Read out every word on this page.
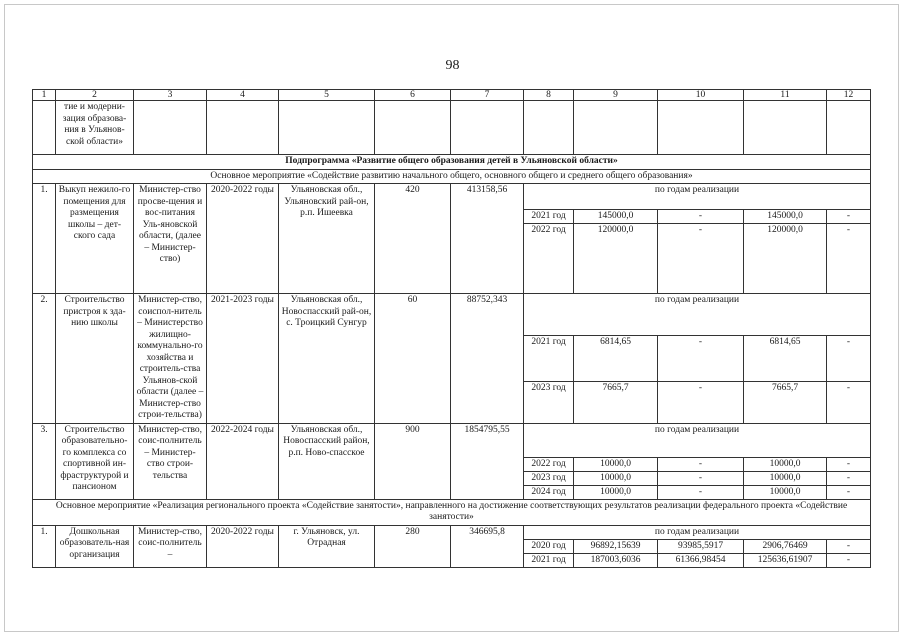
98
1	2	3	4	5	6	7	8	9	10	11	12
	тие и модерни-зация образова-ния в Ульянов-ской области»										
Подпрограмма «Развитие общего образования детей в Ульяновской области»											
Основное мероприятие «Содействие развитию начального общего, основного общего и среднего общего образования»											
1.	Выкуп нежило-го помещения для размещения школы – дет-ского сада	Министер-ство просве-щения и вос-питания Уль-яновской области, (далее – Министер-ство)	2020-2022 годы	Ульяновская обл., Ульяновский рай-он, р.п. Ишеевка	420	413158,56	по годам реализации				
							2021 год	145000,0	-	145000,0	-
							2022 год	120000,0	-	120000,0	-
2.	Строительство пристроя к зда-нию школы	Министер-ство, соиспол-нитель – Министерство жилищно-коммунально-го хозяйства и строитель-ства Ульянов-ской области (далее – Министер-ство строи-тельства)	2021-2023 годы	Ульяновская обл., Новоспасский рай-он, с. Троицкий Сунгур	60	88752,343	по годам реализации				
							2021 год	6814,65	-	6814,65	-
							2023 год	7665,7	-	7665,7	-
3.	Строительство образовательно-го комплекса со спортивной ин-фраструктурой и пансионом	Министер-ство, соис-полнитель – Министер-ство строи-тельства	2022-2024 годы	Ульяновская обл., Новоспасский район, р.п. Ново-спасское	900	1854795,55	по годам реализации				
							2022 год	10000,0	-	10000,0	-
							2023 год	10000,0	-	10000,0	-
							2024 год	10000,0	-	10000,0	-
Основное мероприятие «Реализация регионального проекта «Содействие занятости», направленного на достижение соответствующих результатов реализации федерального проекта «Содействие занятости»											
1.	Дошкольная образователь-ная организация	Министер-ство, соис-полнитель –	2020-2022 годы	г. Ульяновск, ул. Отрадная	280	346695,8	по годам реализации				
							2020 год	96892,15639	93985,5917	2906,76469	-
							2021 год	187003,6036	61366,98454	125636,61907	-
